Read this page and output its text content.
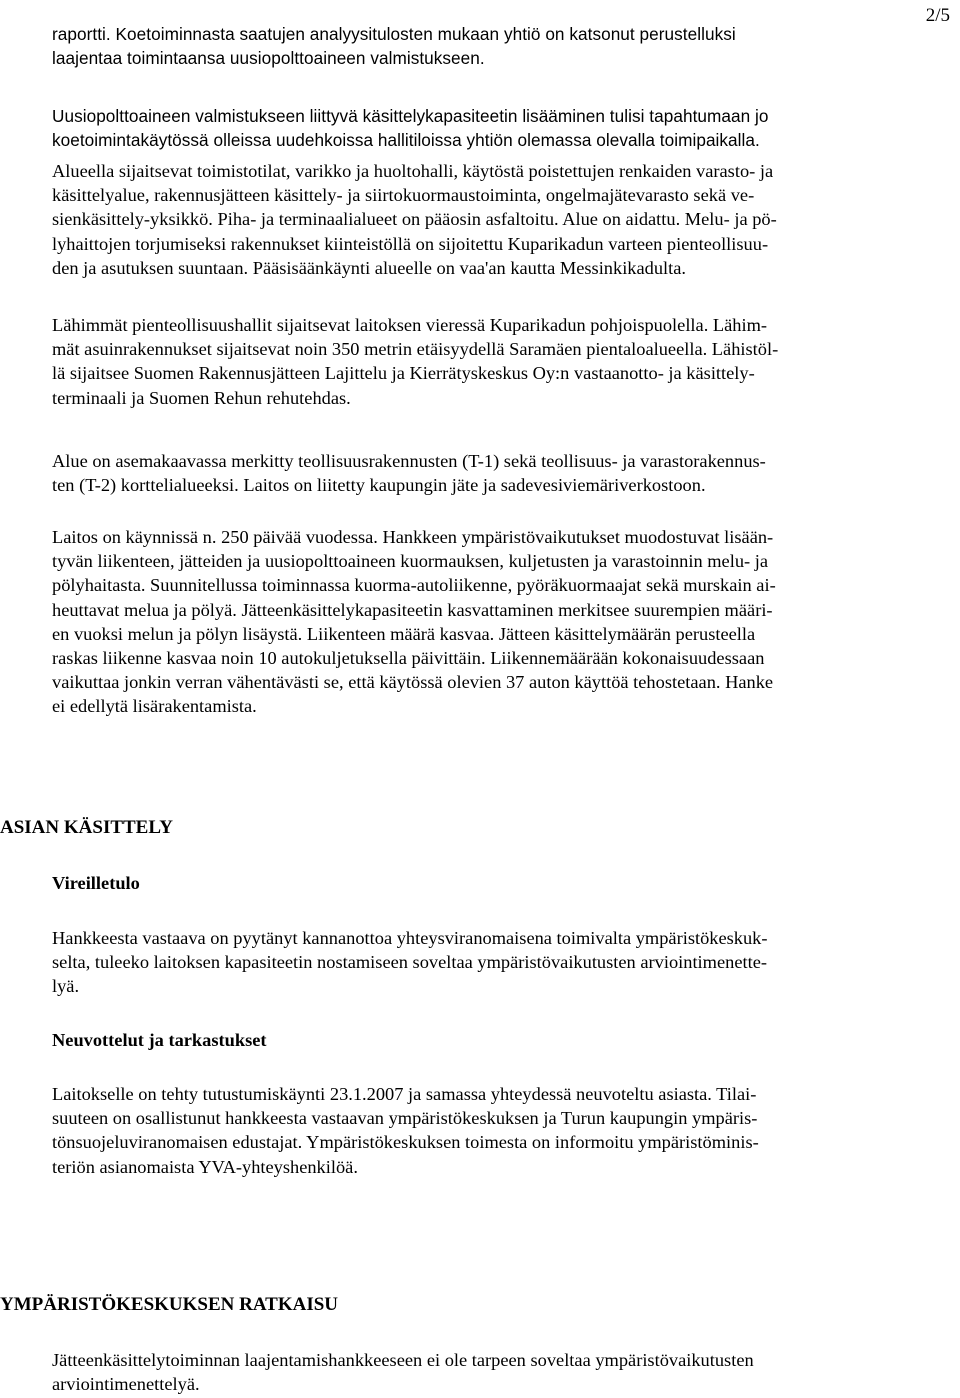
2/5

raportti. Koetoiminnasta saatujen analyysitulosten mukaan yhtiö on katsonut perustelluksi
laajentaa toimintaansa uusiopolttoaineen valmistukseen.

Uusiopolttoaineen valmistukseen liittyvä käsittelykapasiteetin lisääminen tulisi tapahtumaan jo
koetoimintakäytössä olleissa uudehkoissa hallitiloissa yhtiön olemassa olevalla toimipaikalla.

Alueella sijaitsevat toimistotilat, varikko ja huoltohalli, käytöstä poistettujen renkaiden varasto- ja
käsittelyalue, rakennusjätteen käsittely- ja siirtokuormaustoiminta, ongelmajätevarasto sekä ve-
sienkäsittely-yksikkö. Piha- ja terminaalialueet on pääosin asfaltoitu. Alue on aidattu. Melu- ja pö-
lyhaittojen torjumiseksi rakennukset kiinteistöllä on sijoitettu Kuparikadun varteen pienteollisuu-
den ja asutuksen suuntaan. Pääsisäänkäynti alueelle on vaa'an kautta Messinkikadulta.

Lähimmät pienteollisuushallit sijaitsevat laitoksen vieressä Kuparikadun pohjoispuolella. Lähim-
mät asuinrakennukset sijaitsevat noin 350 metrin etäisyydellä Saramäen pientaloalueella. Lähistöl-
lä sijaitsee Suomen Rakennusjätteen Lajittelu ja Kierrätyskeskus Oy:n vastaanotto- ja käsittely-
terminaali ja Suomen Rehun rehutehdas.

Alue on asemakaavassa merkitty teollisuusrakennusten (T-1) sekä teollisuus- ja varastorakennus-
ten (T-2) korttelialueeksi. Laitos on liitetty kaupungin jäte ja sadevesiviemäriverkostoon.

Laitos on käynnissä n. 250 päivää vuodessa. Hankkeen ympäristövaikutukset muodostuvat lisään-
tyvän liikenteen, jätteiden ja uusiopolttoaineen kuormauksen, kuljetusten ja varastoinnin melu- ja
pölyhaitasta. Suunnitellussa toiminnassa kuorma-autoliikenne, pyöräkuormaajat sekä murskain ai-
heuttavat melua ja pölyä. Jätteenkäsittelykapasiteetin kasvattaminen merkitsee suurempien määri-
en vuoksi melun ja pölyn lisäystä. Liikenteen määrä kasvaa. Jätteen käsittelymäärän perusteella
raskas liikenne kasvaa noin 10 autokuljetuksella päivittäin. Liikennemäärään kokonaisuudessaan
vaikuttaa jonkin verran vähentävästi se, että käytössä olevien 37 auton käyttöä tehostetaan. Hanke
ei edellytä lisärakentamista.

ASIAN KÄSITTELY
Vireilletulo

Hankkeesta vastaava on pyytänyt kannanottoa yhteysviranomaisena toimivalta ympäristökeskuk-
selta, tuleeko laitoksen kapasiteetin nostamiseen soveltaa ympäristövaikutusten arviointimenette-
lyä.

Neuvottelut ja tarkastukset

Laitokselle on tehty tutustumiskäynti 23.1.2007 ja samassa yhteydessä neuvoteltu asiasta. Tilai-
suuteen on osallistunut hankkeesta vastaavan ympäristökeskuksen ja Turun kaupungin ympäris-
tönsuojeluviranomaisen edustajat. Ympäristökeskuksen toimesta on informoitu ympäristöminis-
teriön asianomaista YVA-yhteyshenkilöä.

YMPÄRISTÖKESKUKSEN RATKAISU

Jätteenkäsittelytoiminnan laajentamishankkeeseen ei ole tarpeen soveltaa ympäristövaikutusten
arviointimenettelyä.
